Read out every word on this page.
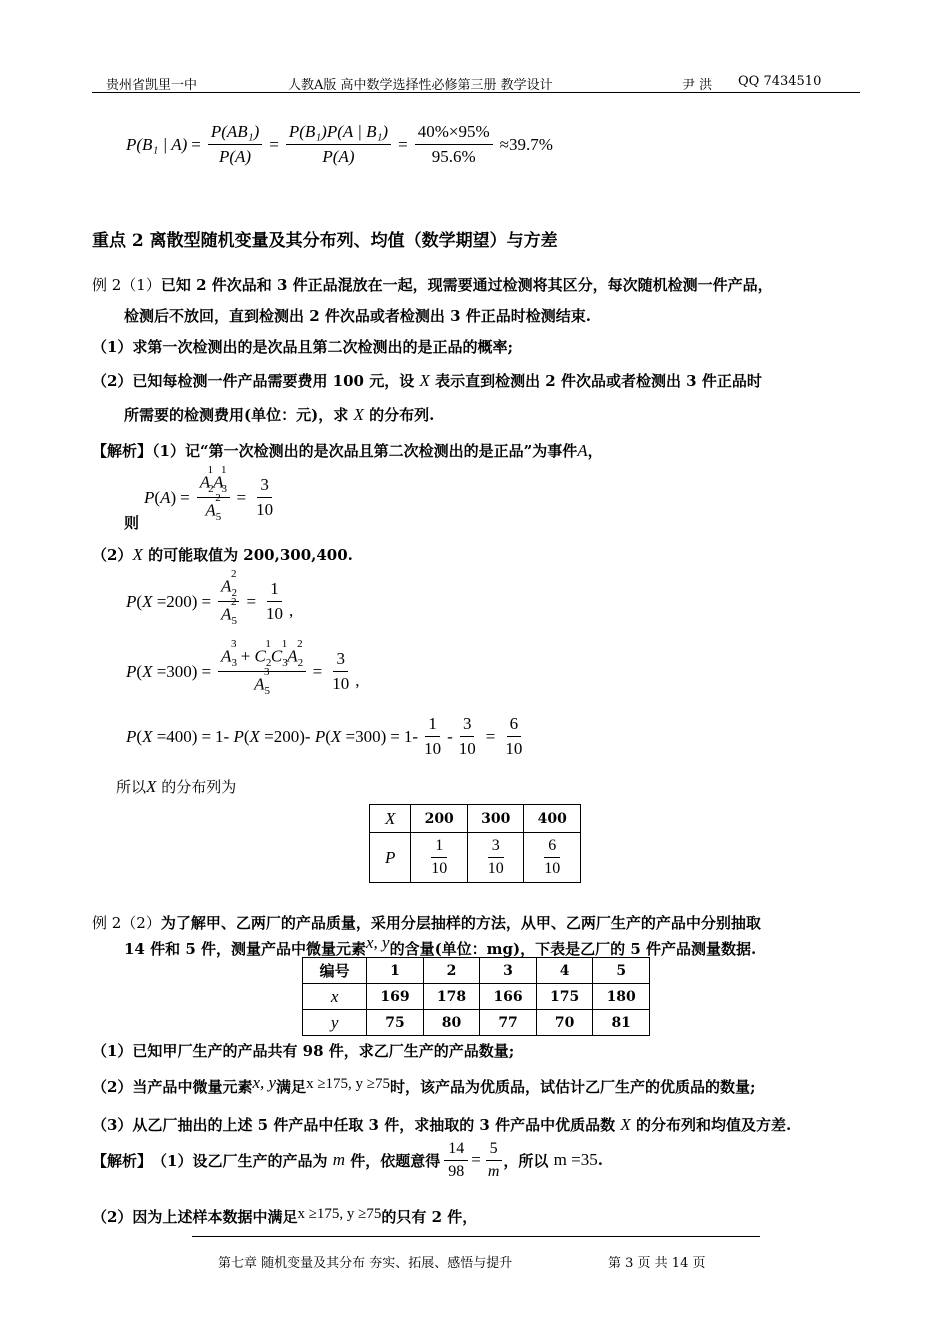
贵州省凯里一中	人教A版 高中数学选择性必修第三册 教学设计	尹 洪 QQ 7434510
P(B₁ | $A) = \frac{\text{P(AB₁)}}{P(A)} = \frac{\text{P(B₁)P(A | B₁)}}{P(A)} = \frac{40\%\times 95\%}{95.6\%} \approx 39.7\%$
重点 2 离散型随机变量及其分布列、均值（数学期望）与方差
例 2（1）已知 2 件次品和 3 件正品混放在一起，现需要通过检测将其区分，每次随机检测一件产品，
检测后不放回，直到检测出 2 件次品或者检测出 3 件正品时检测结束.
（1）求第一次检测出的是次品且第二次检测出的是正品的概率;
（2）已知每检测一件产品需要费用 100 元，设 X 表示直到检测出 2 件次品或者检测出 3 件正品时
所需要的检测费用(单位：元)，求 X 的分布列.
【解析】（1）记“第一次检测出的是次品且第二次检测出的是正品”为事件A，
则
P ( A ) = $\frac{A_2^1A_3^1}{A_5^2} = \frac{3}{10}$
（2）X 的可能取值为 200,300,400.
P ( $X =200) = \frac{A_2^2}{A_5^2} = \frac{1}{10}$ ,
P ( $X =300) = \frac{A_3^3 + C_2^1C_3^1A_2^2}{A_5^3} = \frac{3}{10}$ ,
P ( X =400) = 1 - P ( X =200)- P ( $X =300) = 1- \frac{1}{10} - \frac{3}{10} = \frac{6}{10}$
所以X 的分布列为
X	200	300	400
P	$\frac{1}{10}$	$\frac{3}{10}$	$\frac{6}{10}$
例 2（2）为了解甲、乙两厂的产品质量，采用分层抽样的方法，从甲、乙两厂生产的产品中分别抽取
14 件和 5 件，测量产品中微量元素x, y的含量(单位：mg)，下表是乙厂的 5 件产品测量数据.
编号	1	2	3	4	5
x	169	178	166	175	180
y	75	80	77	70	81
（1）已知甲厂生产的产品共有 98 件，求乙厂生产的产品数量;
（2）当产品中微量元素x, y满足x ≥175, y ≥75时，该产品为优质品，试估计乙厂生产的优质品的数量;
（3）从乙厂抽出的上述 5 件产品中任取 3 件，求抽取的 3 件产品中优质品数 X 的分布列和均值及方差.
【解析】 （1）设乙厂生产的产品为
m
件，依题意得 $\frac{14}{98} = \frac{5}{m}$ ，所以
m =35 .
（2）因为上述样本数据中满足x ≥175, y ≥75的只有 2 件，
第七章 随机变量及其分布 夯实、拓展、感悟与提升	第 3 页 共 14 页
